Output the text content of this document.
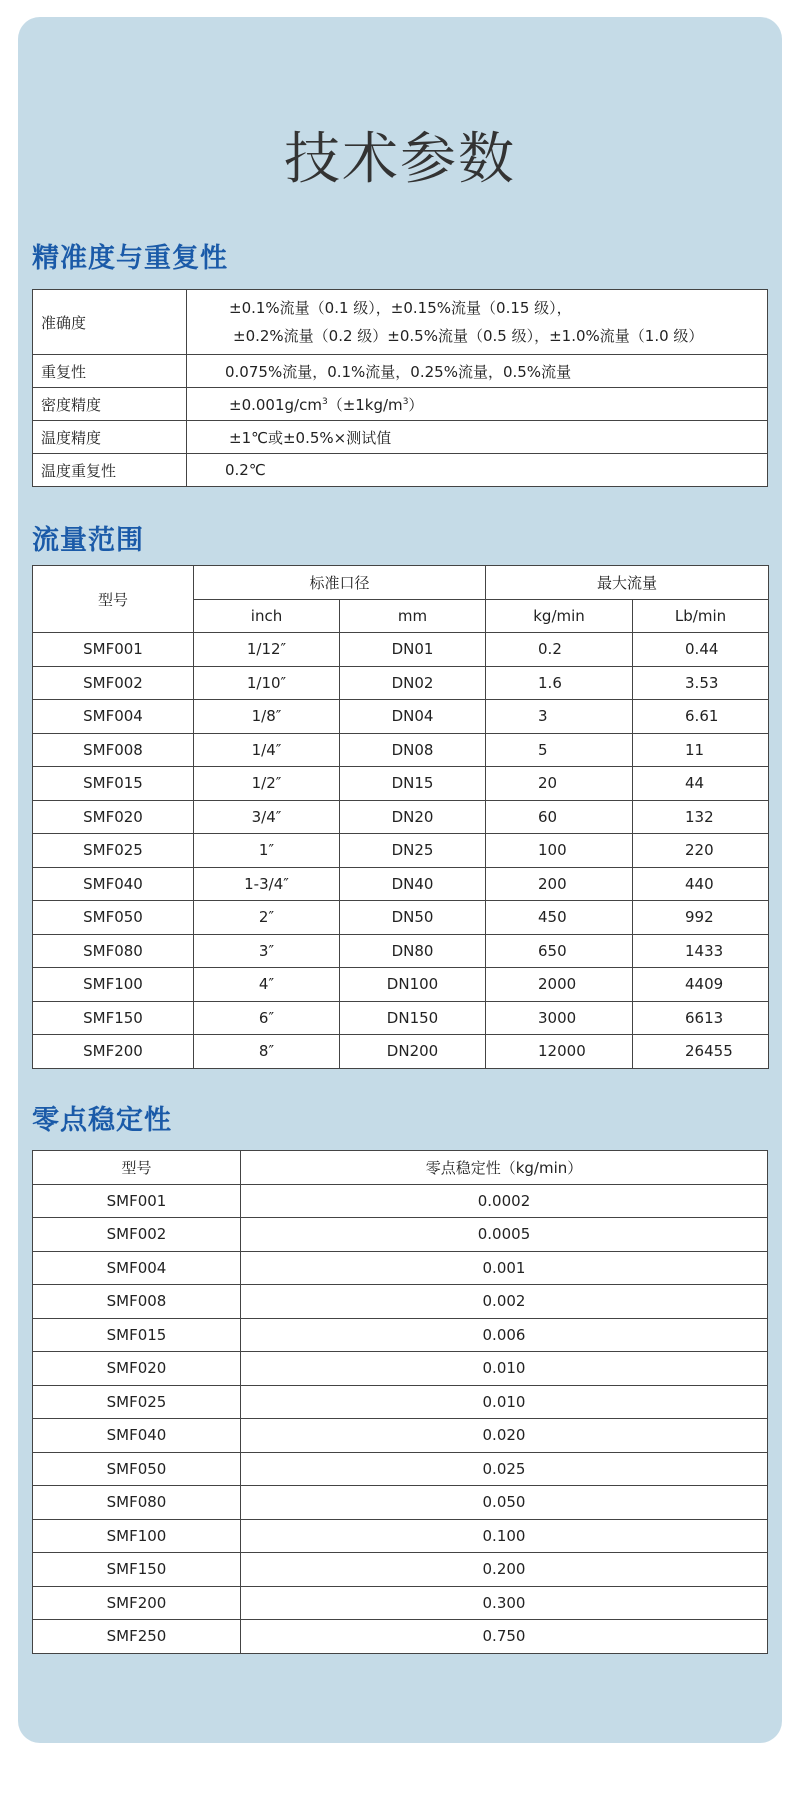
技术参数
精准度与重复性
准确度	±0.1%流量（0.1 级），±0.15%流量（0.15 级），
±0.2%流量（0.2 级）±0.5%流量（0.5 级），±1.0%流量（1.0 级）

重复性	0.075%流量，0.1%流量，0.25%流量，0.5%流量
密度精度	$\pm 0.001g/cm^3(\pm 1kg/m^3)$
温度精度	±1℃或±0.5%×测试值
温度重复性	0.2℃
流量范围
型号	标准口径		最大流量	
	inch	mm	kg/min	Lb/min
SMF001	1/12″	DN01	0.2	0.44
SMF002	1/10″	DN02	1.6	3.53
SMF004	1/8″	DN04	3	6.61
SMF008	1/4″	DN08	5	11
SMF015	1/2″	DN15	20	44
SMF020	3/4″	DN20	60	132
SMF025	1″	DN25	100	220
SMF040	1-3/4″	DN40	200	440
SMF050	2″	DN50	450	992
SMF080	3″	DN80	650	1433
SMF100	4″	DN100	2000	4409
SMF150	6″	DN150	3000	6613
SMF200	8″	DN200	12000	26455
零点稳定性
型号	零点稳定性（kg/min）
SMF001	0.0002
SMF002	0.0005
SMF004	0.001
SMF008	0.002
SMF015	0.006
SMF020	0.010
SMF025	0.010
SMF040	0.020
SMF050	0.025
SMF080	0.050
SMF100	0.100
SMF150	0.200
SMF200	0.300
SMF250	0.750
